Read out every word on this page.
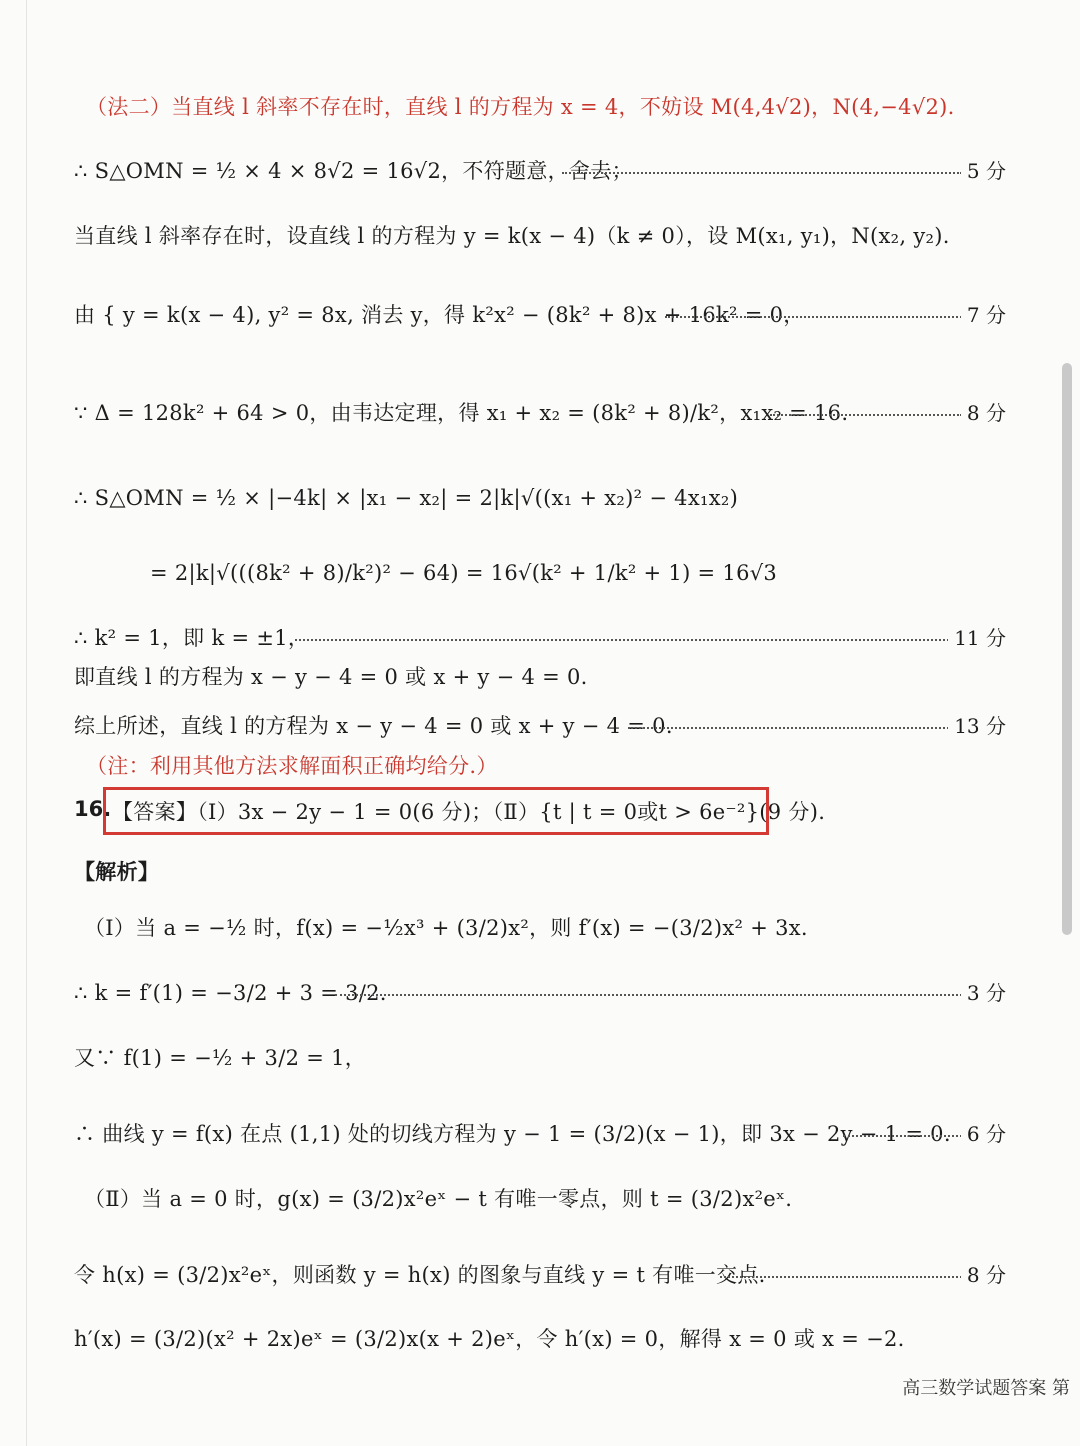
（法二）当直线 l 斜率不存在时，直线 l 的方程为 x = 4，不妨设 M(4,4√2)，N(4,−4√2).
∴ S△OMN = ½ × 4 × 8√2 = 16√2，不符题意，舍去；	5 分
当直线 l 斜率存在时，设直线 l 的方程为 y = k(x − 4)（k ≠ 0），设 M(x₁, y₁)，N(x₂, y₂).
由 { y = k(x − 4), y² = 8x, 消去 y，得 k²x² − (8k² + 8)x + 16k² = 0，	7 分
∵ Δ = 128k² + 64 > 0，由韦达定理，得 x₁ + x₂ = (8k² + 8)/k²，x₁x₂ = 16.	8 分
∴ S△OMN = ½ × |−4k| × |x₁ − x₂| = 2|k|√((x₁ + x₂)² − 4x₁x₂)
= 2|k|√(((8k² + 8)/k²)² − 64) = 16√(k² + 1/k² + 1) = 16√3
∴ k² = 1，即 k = ±1，	11 分
即直线 l 的方程为 x − y − 4 = 0 或 x + y − 4 = 0.
综上所述，直线 l 的方程为 x − y − 4 = 0 或 x + y − 4 = 0.	13 分
（注：利用其他方法求解面积正确均给分.）
16. 【答案】（Ⅰ）3x − 2y − 1 = 0(6 分)；（Ⅱ）{t | t = 0或t > 6e⁻²}(9 分).
【解析】
（Ⅰ）当 a = −½ 时，f(x) = −½x³ + (3/2)x²，则 f′(x) = −(3/2)x² + 3x.
∴ k = f′(1) = −3/2 + 3 = 3/2.	3 分
又∵ f(1) = −½ + 3/2 = 1，
∴ 曲线 y = f(x) 在点 (1,1) 处的切线方程为 y − 1 = (3/2)(x − 1)，即 3x − 2y − 1 = 0. 6 分
（Ⅱ）当 a = 0 时，g(x) = (3/2)x²eˣ − t 有唯一零点，则 t = (3/2)x²eˣ.
令 h(x) = (3/2)x²eˣ，则函数 y = h(x) 的图象与直线 y = t 有唯一交点.	8 分
h′(x) = (3/2)(x² + 2x)eˣ = (3/2)x(x + 2)eˣ，令 h′(x) = 0，解得 x = 0 或 x = −2.
高三数学试题答案 第
